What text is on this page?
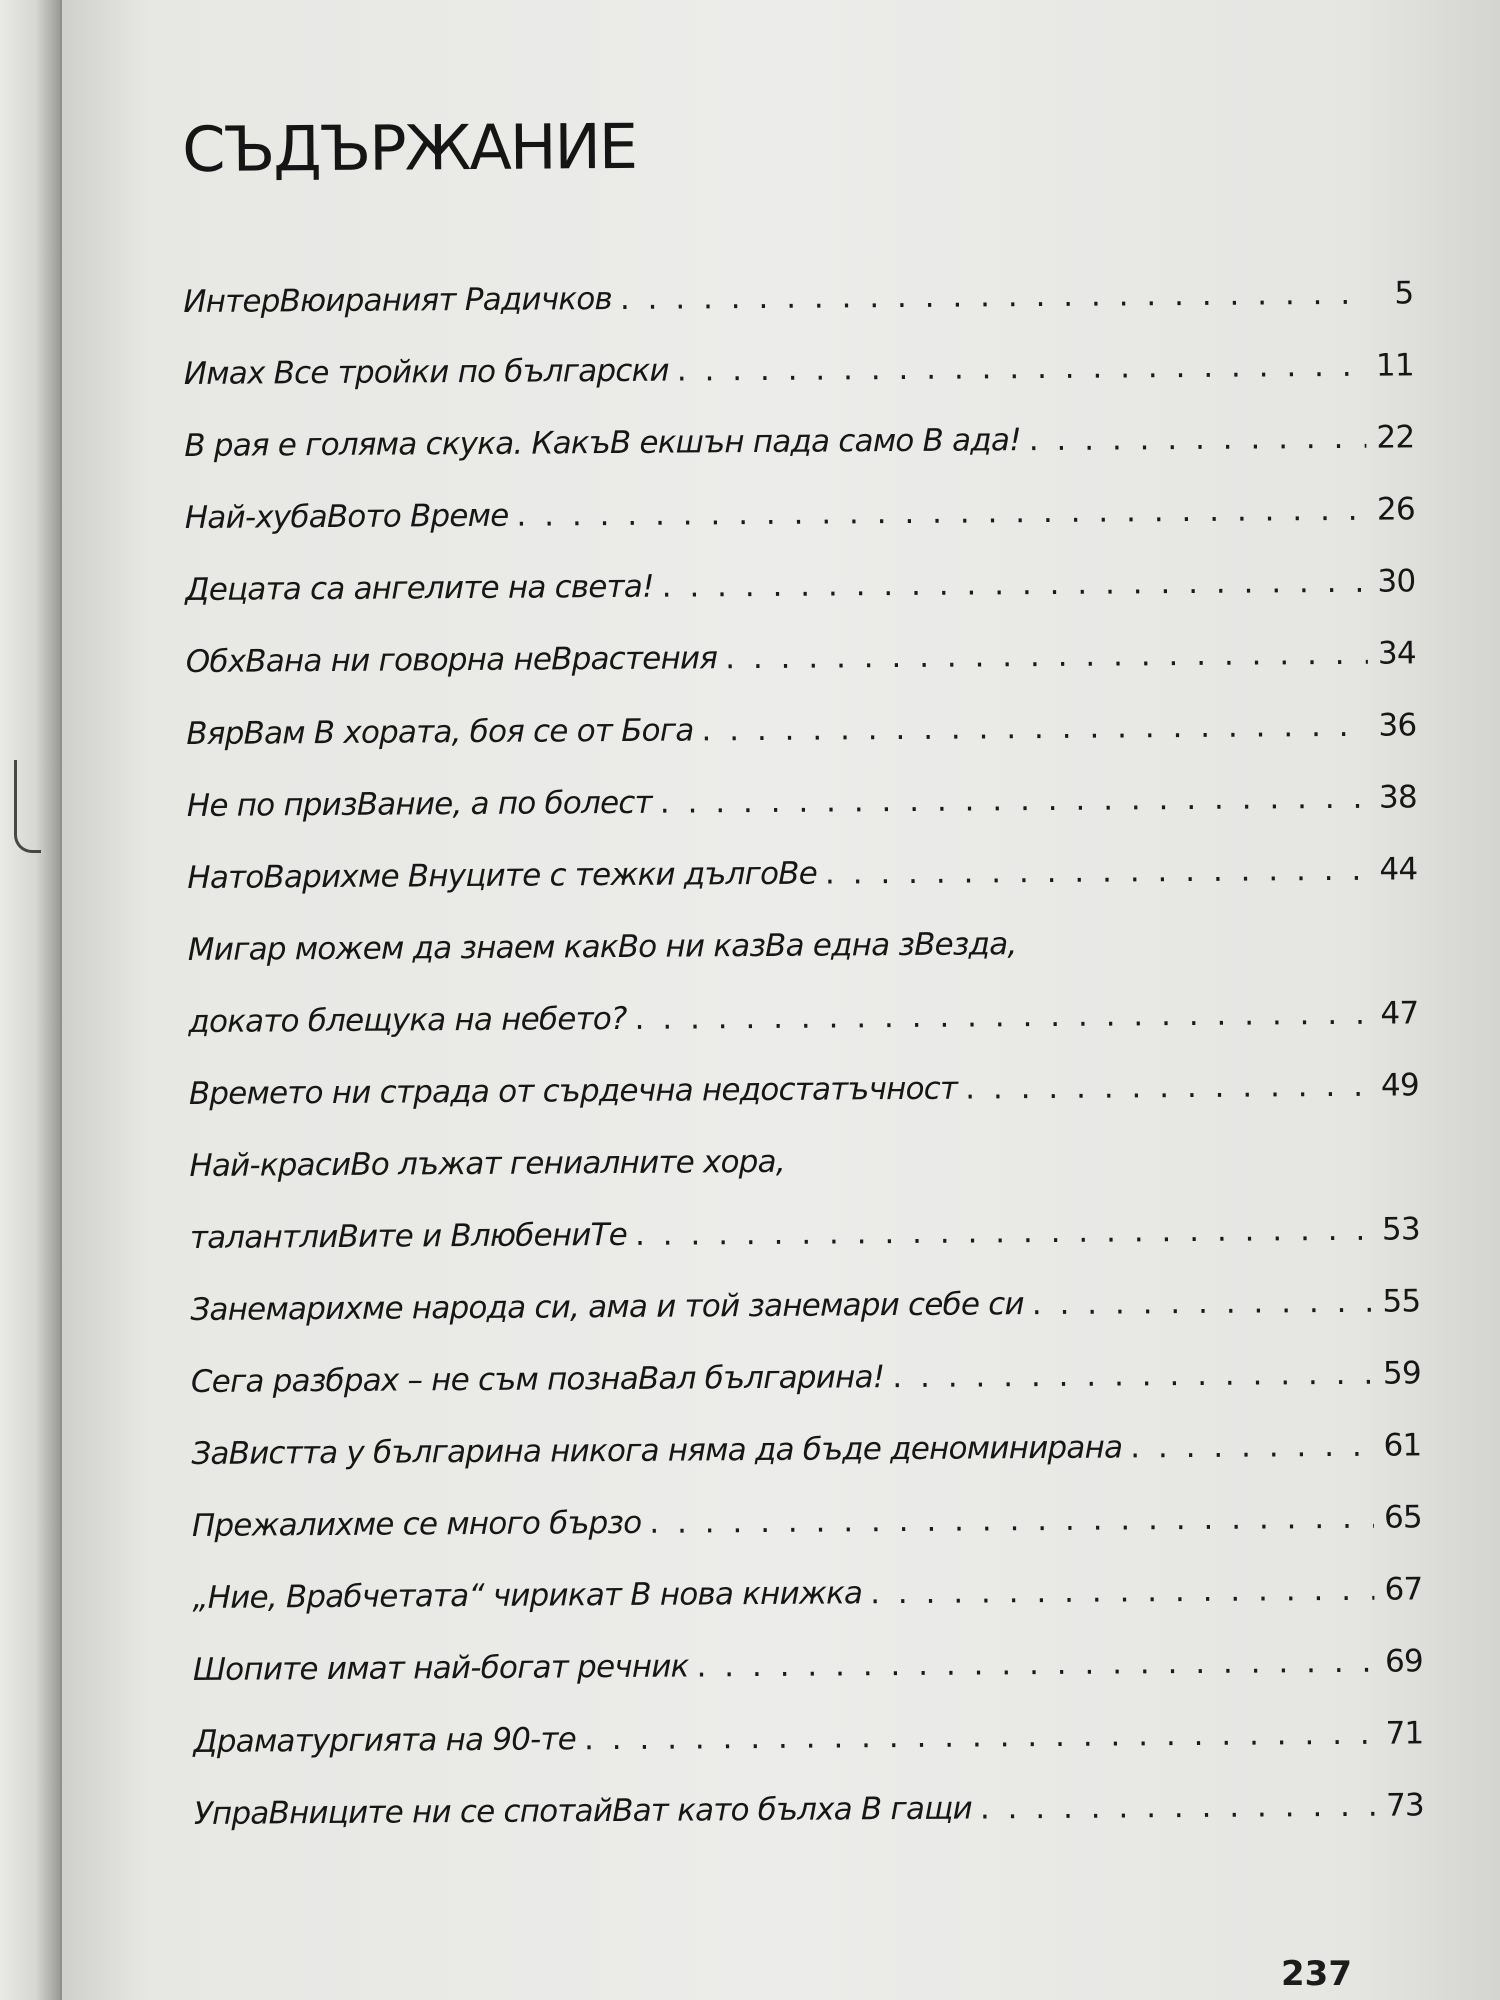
СЪДЪРЖАНИЕ
ИнтерВюираният Радичков . . .	5
Имах Все тройки по български . . .	11
В рая е голяма скука. КакъВ екшън пада само В ада! . . .	22
Най-хубаВото Време . . .	26
Децата са ангелите на света! . . .	30
ОбхВана ни говорна неВрастения . . .	34
ВярВам В хората, боя се от Бога . . .	36
Не по призВание, а по болест . . .	38
НатоВарихме Внуците с тежки дългоВе . . .	44
Мигар можем да знаем какВо ни казВа една зВезда,
докато блещука на небето? . . .	47
Времето ни страда от сърдечна недостатъчност . . .	49
Най-красиВо лъжат гениалните хора,
талантлиВите и ВлюбениТе . . .	53
Занемарихме народа си, ама и той занемари себе си . . .	55
Сега разбрах – не съм познаВал българина! . . .	59
ЗаВистта у българина никога няма да бъде деноминирана . . .	61
Прежалихме се много бързо . . .	65
„Ние, Врабчетата“ чирикат В нова книжка . . .	67
Шопите имат най-богат речник . . .	69
Драматургията на 90-те . . .	71
УпраВниците ни се спотайВат като бълха В гащи . . .	73
237
